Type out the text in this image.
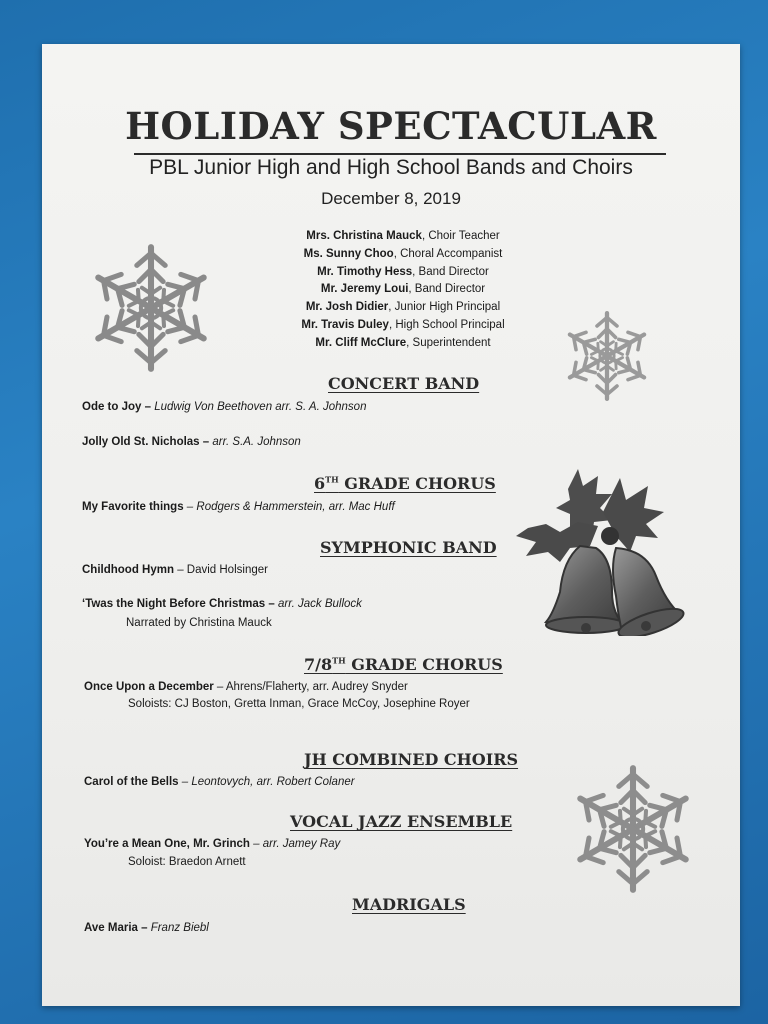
HOLIDAY SPECTACULAR
PBL Junior High and High School Bands and Choirs
December 8, 2019
Mrs. Christina Mauck, Choir Teacher
Ms. Sunny Choo, Choral Accompanist
Mr. Timothy Hess, Band Director
Mr. Jeremy Loui, Band Director
Mr. Josh Didier, Junior High Principal
Mr. Travis Duley, High School Principal
Mr. Cliff McClure, Superintendent
CONCERT BAND
Ode to Joy – Ludwig Von Beethoven arr. S. A. Johnson
Jolly Old St. Nicholas – arr. S.A. Johnson
6TH GRADE CHORUS
My Favorite things – Rodgers & Hammerstein, arr. Mac Huff
SYMPHONIC BAND
Childhood Hymn – David Holsinger
‘Twas the Night Before Christmas – arr. Jack Bullock
Narrated by Christina Mauck
7/8TH GRADE CHORUS
Once Upon a December – Ahrens/Flaherty, arr. Audrey Snyder
Soloists: CJ Boston, Gretta Inman, Grace McCoy, Josephine Royer
JH COMBINED CHOIRS
Carol of the Bells – Leontovych, arr. Robert Colaner
VOCAL JAZZ ENSEMBLE
You’re a Mean One, Mr. Grinch – arr. Jamey Ray
Soloist: Braedon Arnett
MADRIGALS
Ave Maria – Franz Biebl
